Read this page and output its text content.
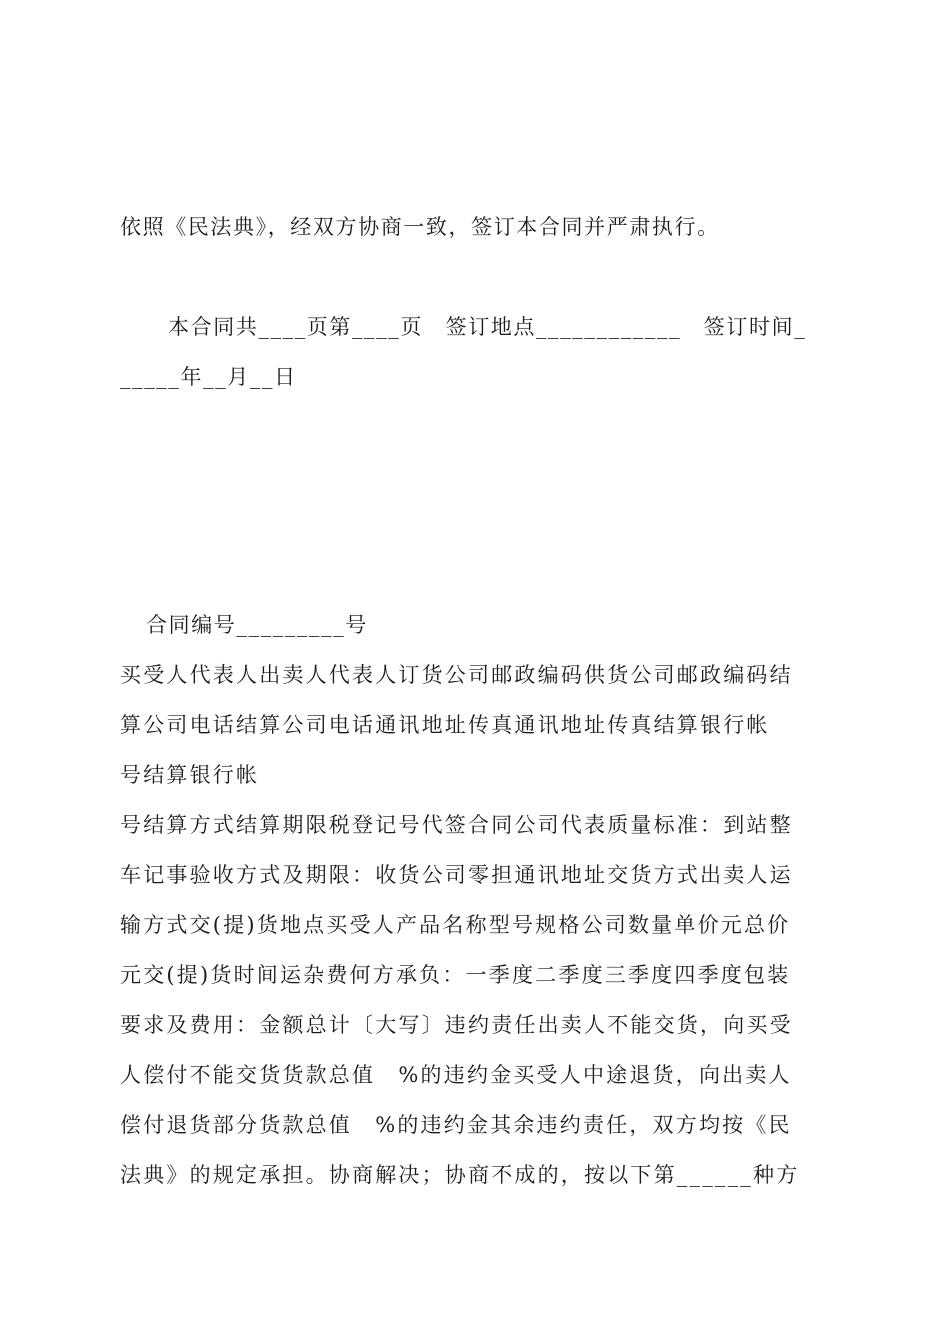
依照《民法典》，经双方协商一致，签订本合同并严肃执行。
本合同共____页第____页　签订地点____________　签订时间_
_____年__月__日
合同编号_________号
买受人代表人出卖人代表人订货公司邮政编码供货公司邮政编码结
算公司电话结算公司电话通讯地址传真通讯地址传真结算银行帐
号结算银行帐
号结算方式结算期限税登记号代签合同公司代表质量标准：到站整
车记事验收方式及期限：收货公司零担通讯地址交货方式出卖人运
输方式交(提)货地点买受人产品名称型号规格公司数量单价元总价
元交(提)货时间运杂费何方承负：一季度二季度三季度四季度包装
要求及费用：金额总计〔大写〕违约责任出卖人不能交货，向买受
人偿付不能交货货款总值　%的违约金买受人中途退货，向出卖人
偿付退货部分货款总值　%的违约金其余违约责任，双方均按《民
法典》的规定承担。协商解决；协商不成的，按以下第______种方
